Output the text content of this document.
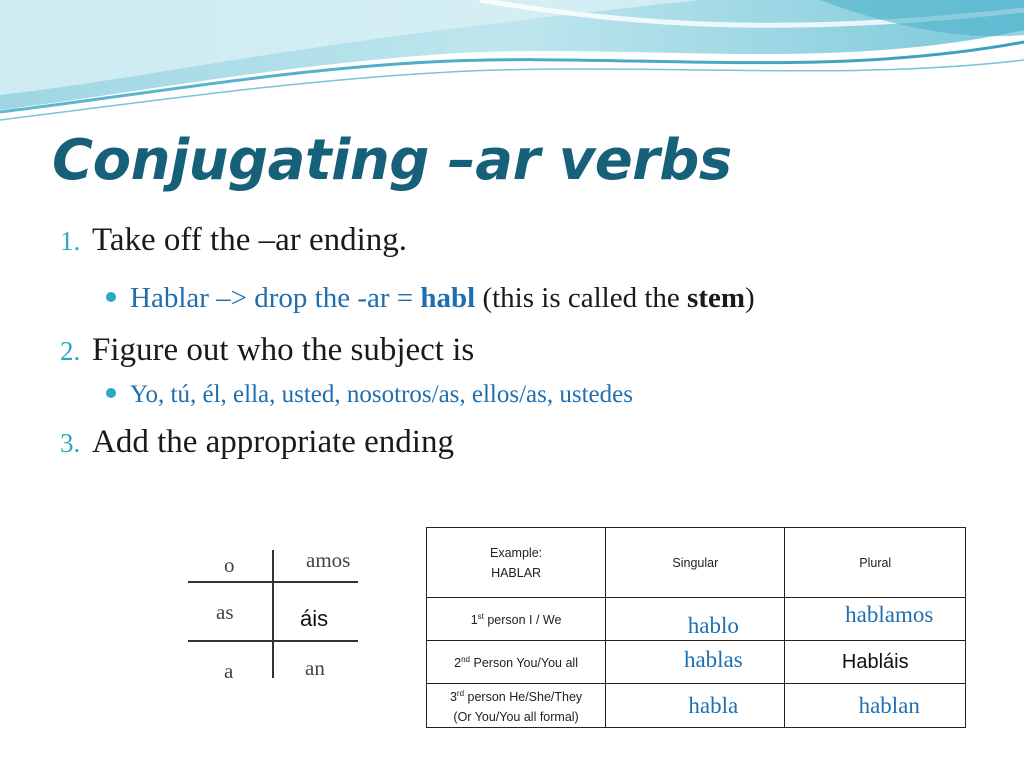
Conjugating –ar verbs
1. Take off the –ar ending.
Hablar –> drop the -ar = habl (this is called the stem)
2. Figure out who the subject is
Yo, tú, él, ella, usted, nosotros/as, ellos/as, ustedes
3. Add the appropriate ending
o	amos
as	áis
a	an
Example:
HABLAR	Singular	Plural
1st person I / We	hablo	hablamos
2nd Person You/You all	hablas	Habláis

3rd person He/She/They
(Or You/You all formal)	habla	hablan
